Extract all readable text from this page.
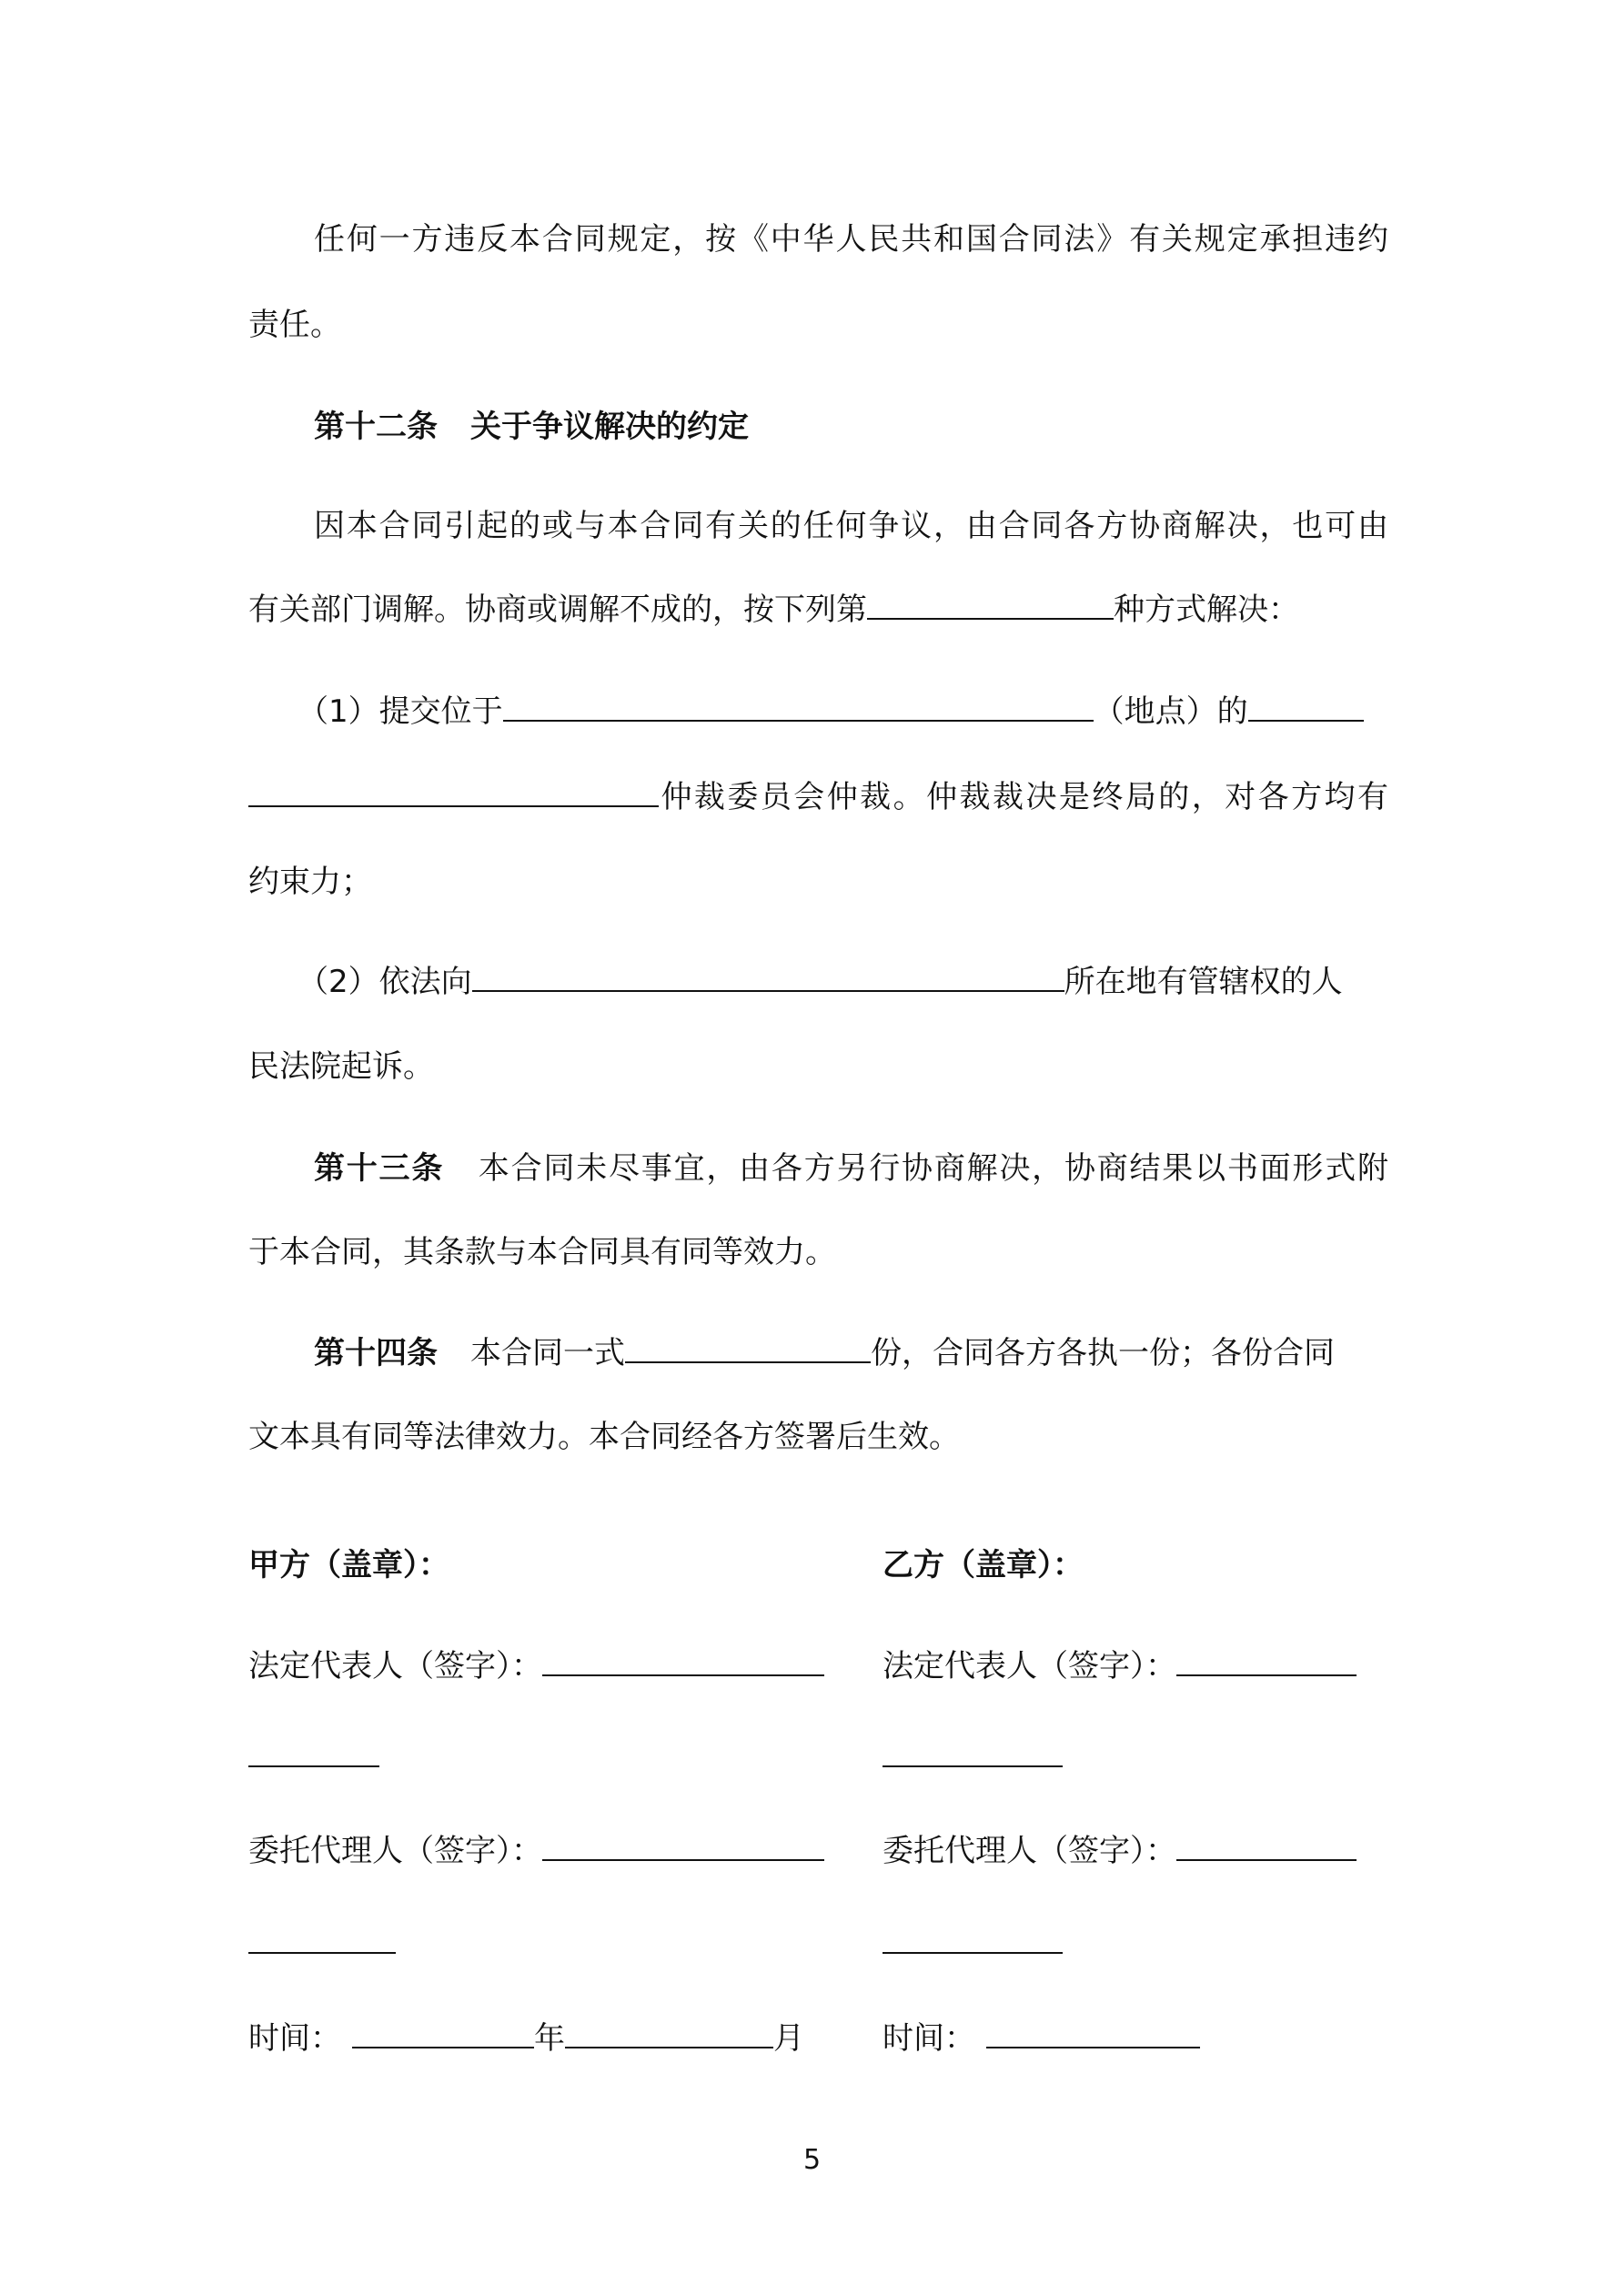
任何一方违反本合同规定，按《中华人民共和国合同法》有关规定承担违约
责任。
第十二条 关于争议解决的约定
因本合同引起的或与本合同有关的任何争议，由合同各方协商解决，也可由
有关部门调解。协商或调解不成的，按下列第	种方式解决：
（1）提交位于	（地点）的
仲裁委员会仲裁。仲裁裁决是终局的，对各方均有
约束力；
（2）依法向	所在地有管辖权的人
民法院起诉。
第十三条 本合同未尽事宜，由各方另行协商解决，协商结果以书面形式附
于本合同，其条款与本合同具有同等效力。
第十四条 本合同一式	份，合同各方各执一份；各份合同
文本具有同等法律效力。本合同经各方签署后生效。
甲方（盖章）：	乙方（盖章）：
法定代表人（签字）：	法定代表人（签字）：
委托代理人（签字）：	委托代理人（签字）：
时间：	年	月	时间：
5
